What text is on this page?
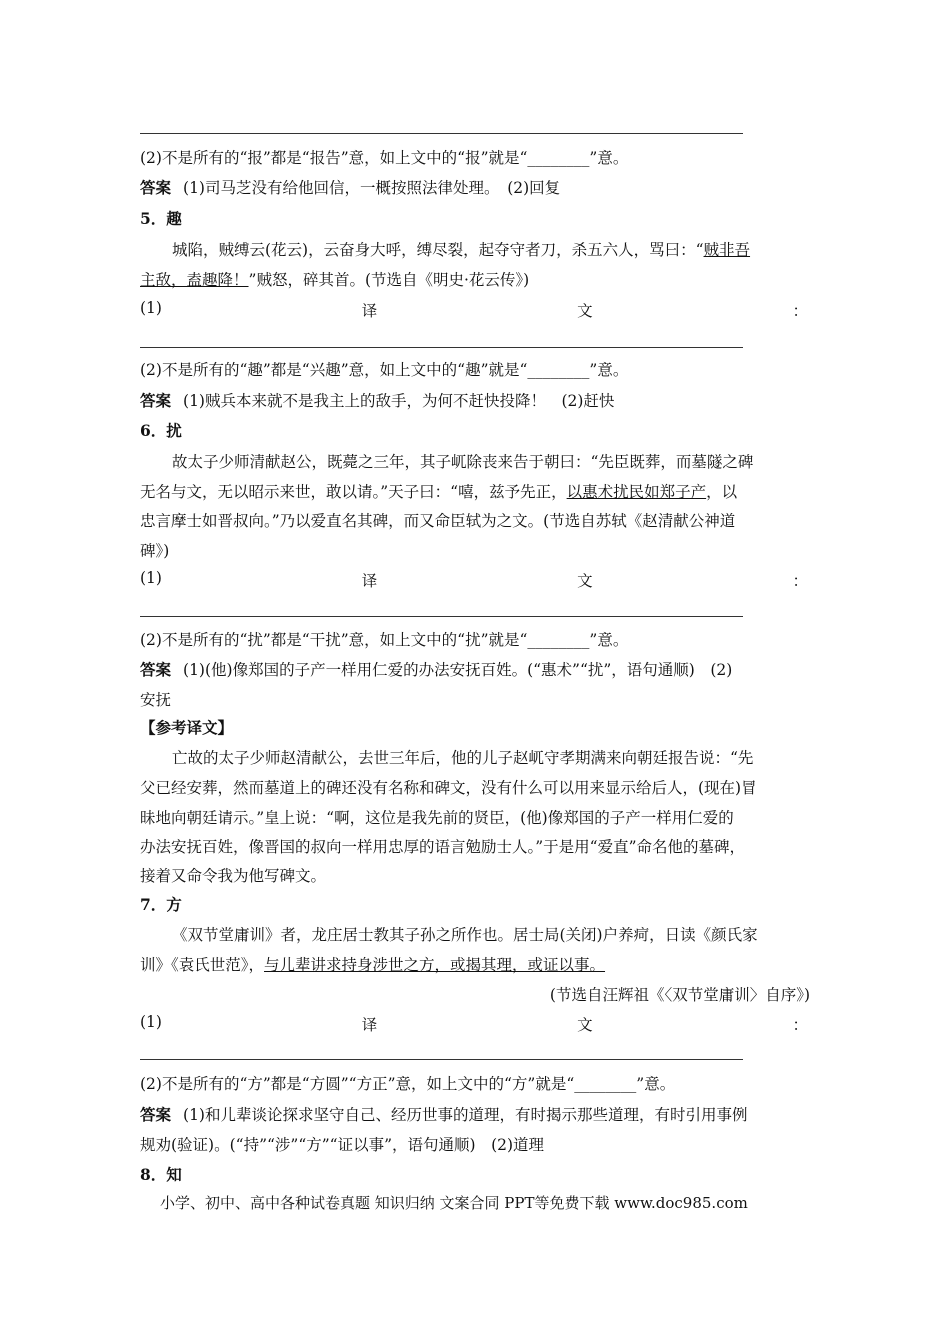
(2)不是所有的“报”都是“报告”意，如上文中的“报”就是“________”意。
答案 (1)司马芝没有给他回信，一概按照法律处理。　(2)回复
5．趣
城陷，贼缚云(花云)，云奋身大呼，缚尽裂，起夺守者刀，杀五六人，骂曰：“贼非吾
主敌，盍趣降！”贼怒，碎其首。(节选自《明史·花云传》)
(1)	译	文	：
(2)不是所有的“趣”都是“兴趣”意，如上文中的“趣”就是“________”意。
答案 (1)贼兵本来就不是我主上的敌手，为何不赶快投降！　(2)赶快
6．扰
故太子少师清献赵公，既薨之三年，其子屼除丧来告于朝曰：“先臣既葬，而墓隧之碑
无名与文，无以昭示来世，敢以请。”天子曰：“嘻，兹予先正，以惠术扰民如郑子产，以
忠言摩士如晋叔向。”乃以爱直名其碑，而又命臣轼为之文。(节选自苏轼《赵清献公神道
碑》)
(1)	译	文	：
(2)不是所有的“扰”都是“干扰”意，如上文中的“扰”就是“________”意。
答案 (1)(他)像郑国的子产一样用仁爱的办法安抚百姓。(“惠术”“扰”，语句通顺)　(2)
安抚
【参考译文】
亡故的太子少师赵清献公，去世三年后，他的儿子赵屼守孝期满来向朝廷报告说：“先
父已经安葬，然而墓道上的碑还没有名称和碑文，没有什么可以用来显示给后人，(现在)冒
昧地向朝廷请示。”皇上说：“啊，这位是我先前的贤臣，(他)像郑国的子产一样用仁爱的
办法安抚百姓，像晋国的叔向一样用忠厚的语言勉励士人。”于是用“爱直”命名他的墓碑，
接着又命令我为他写碑文。
7．方
《双节堂庸训》者，龙庄居士教其子孙之所作也。居士局(关闭)户养疴，日读《颜氏家
训》《袁氏世范》，与儿辈讲求持身涉世之方，或揭其理，或证以事。
(节选自汪辉祖《〈双节堂庸训〉自序》)
(1)	译	文	：
(2)不是所有的“方”都是“方圆”“方正”意，如上文中的“方”就是“________”意。
答案 (1)和儿辈谈论探求坚守自己、经历世事的道理，有时揭示那些道理，有时引用事例
规劝(验证)。(“持”“涉”“方”“证以事”，语句通顺)　(2)道理
8．知
小学、初中、高中各种试卷真题 知识归纳 文案合同 PPT等免费下载 www.doc985.com
